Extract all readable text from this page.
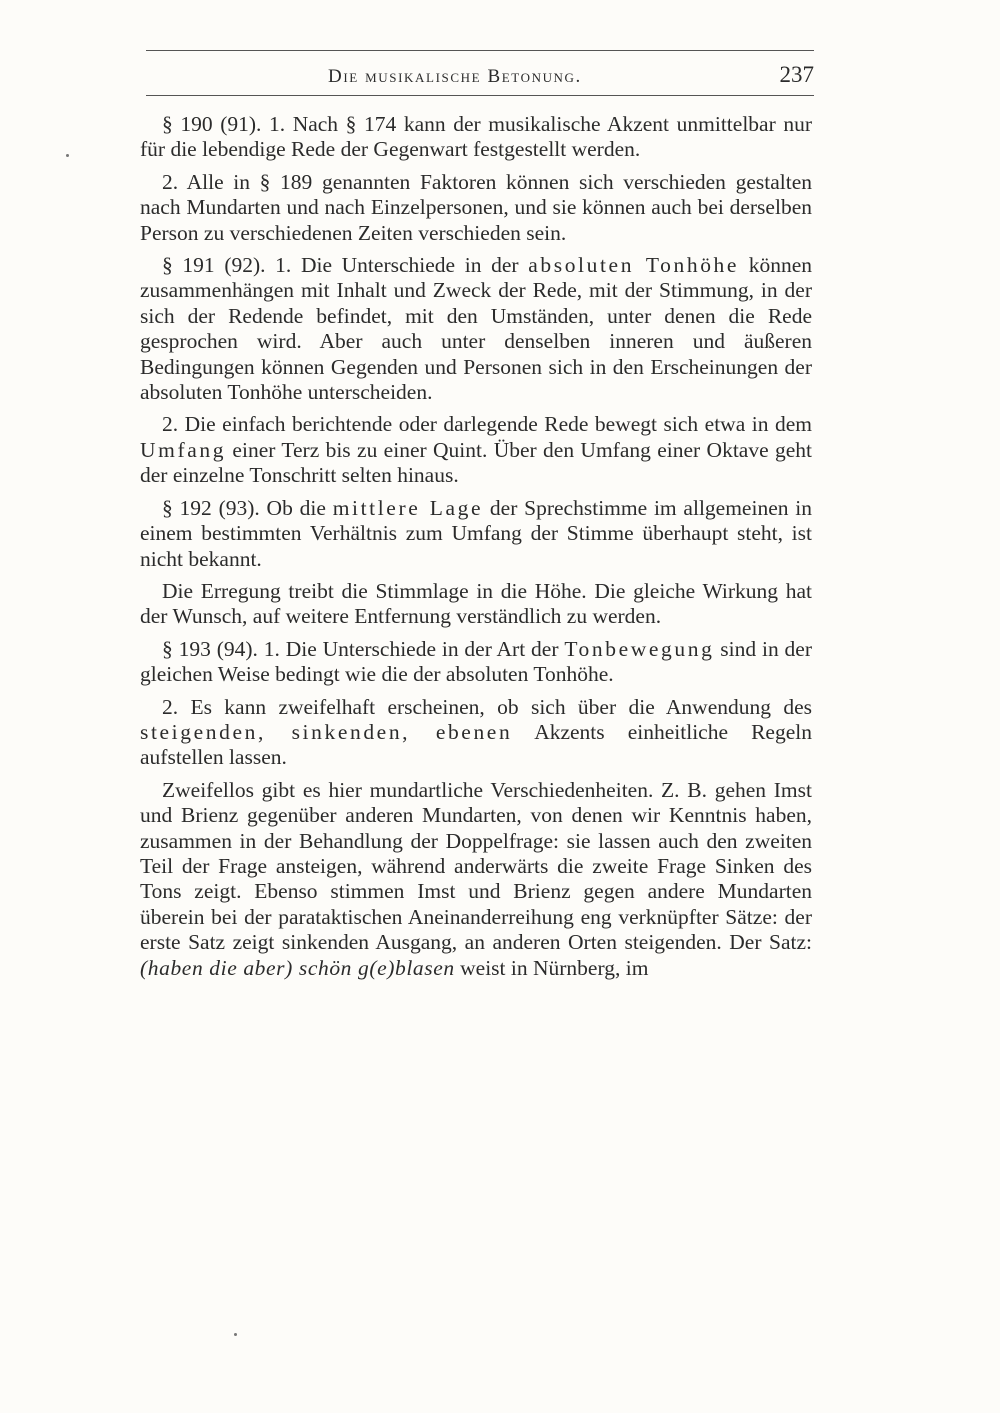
Die musikalische Betonung.	237

§ 190 (91). 1. Nach § 174 kann der musikalische Akzent unmittelbar nur für die lebendige Rede der Gegenwart festgestellt werden.

2. Alle in § 189 genannten Faktoren können sich verschieden gestalten nach Mundarten und nach Einzelpersonen, und sie können auch bei derselben Person zu verschiedenen Zeiten verschieden sein.

§ 191 (92). 1. Die Unterschiede in der absoluten Tonhöhe können zusammenhängen mit Inhalt und Zweck der Rede, mit der Stimmung, in der sich der Redende befindet, mit den Umständen, unter denen die Rede gesprochen wird. Aber auch unter denselben inneren und äußeren Bedingungen können Gegenden und Personen sich in den Erscheinungen der absoluten Tonhöhe unterscheiden.

2. Die einfach berichtende oder darlegende Rede bewegt sich etwa in dem Umfang einer Terz bis zu einer Quint. Über den Umfang einer Oktave geht der einzelne Tonschritt selten hinaus.

§ 192 (93). Ob die mittlere Lage der Sprechstimme im allgemeinen in einem bestimmten Verhältnis zum Umfang der Stimme überhaupt steht, ist nicht bekannt.

Die Erregung treibt die Stimmlage in die Höhe. Die gleiche Wirkung hat der Wunsch, auf weitere Entfernung verständlich zu werden.

§ 193 (94). 1. Die Unterschiede in der Art der Tonbewegung sind in der gleichen Weise bedingt wie die der absoluten Tonhöhe.

2. Es kann zweifelhaft erscheinen, ob sich über die Anwendung des steigenden, sinkenden, ebenen Akzents einheitliche Regeln aufstellen lassen.

Zweifellos gibt es hier mundartliche Verschiedenheiten. Z. B. gehen Imst und Brienz gegenüber anderen Mundarten, von denen wir Kenntnis haben, zusammen in der Behandlung der Doppelfrage: sie lassen auch den zweiten Teil der Frage ansteigen, während anderwärts die zweite Frage Sinken des Tons zeigt. Ebenso stimmen Imst und Brienz gegen andere Mundarten überein bei der parataktischen Aneinanderreihung eng verknüpfter Sätze: der erste Satz zeigt sinkenden Ausgang, an anderen Orten steigenden. Der Satz: (haben die aber) schön g(e)blasen weist in Nürnberg, im
